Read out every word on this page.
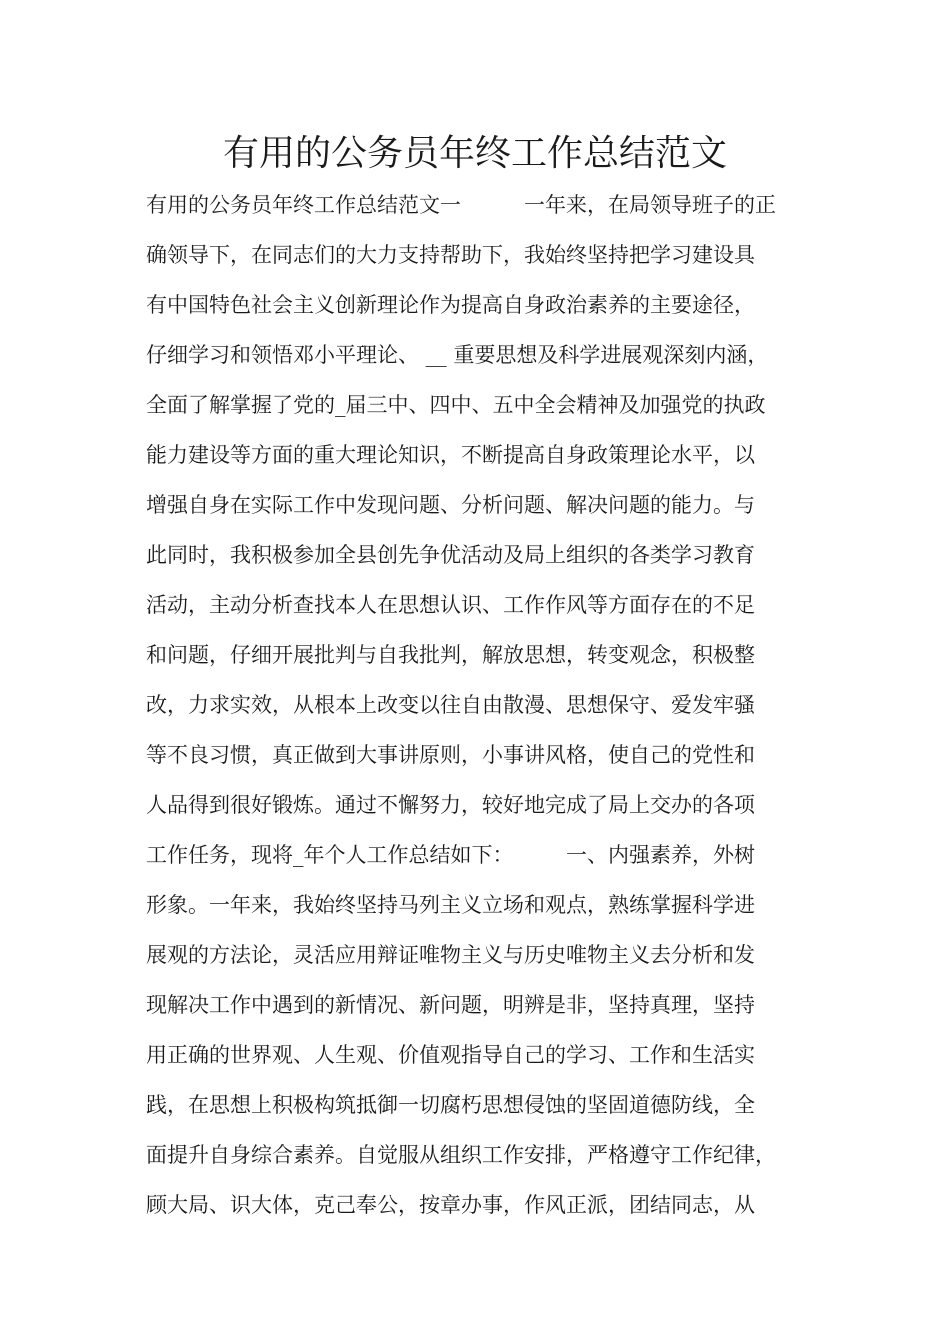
有用的公务员年终工作总结范文
有用的公务员年终工作总结范文一　　　一年来，在局领导班子的正
确领导下，在同志们的大力支持帮助下，我始终坚持把学习建设具
有中国特色社会主义创新理论作为提高自身政治素养的主要途径，
仔细学习和领悟邓小平理论、 __ 重要思想及科学进展观深刻内涵，
全面了解掌握了党的_届三中、四中、五中全会精神及加强党的执政
能力建设等方面的重大理论知识，不断提高自身政策理论水平，以
增强自身在实际工作中发现问题、分析问题、解决问题的能力。与
此同时，我积极参加全县创先争优活动及局上组织的各类学习教育
活动，主动分析查找本人在思想认识、工作作风等方面存在的不足
和问题，仔细开展批判与自我批判，解放思想，转变观念，积极整
改，力求实效，从根本上改变以往自由散漫、思想保守、爱发牢骚
等不良习惯，真正做到大事讲原则，小事讲风格，使自己的党性和
人品得到很好锻炼。通过不懈努力，较好地完成了局上交办的各项
工作任务，现将_年个人工作总结如下：　　　一、内强素养，外树
形象。一年来，我始终坚持马列主义立场和观点，熟练掌握科学进
展观的方法论，灵活应用辩证唯物主义与历史唯物主义去分析和发
现解决工作中遇到的新情况、新问题，明辨是非，坚持真理，坚持
用正确的世界观、人生观、价值观指导自己的学习、工作和生活实
践，在思想上积极构筑抵御一切腐朽思想侵蚀的坚固道德防线，全
面提升自身综合素养。自觉服从组织工作安排，严格遵守工作纪律，
顾大局、识大体，克己奉公，按章办事，作风正派，团结同志，从
